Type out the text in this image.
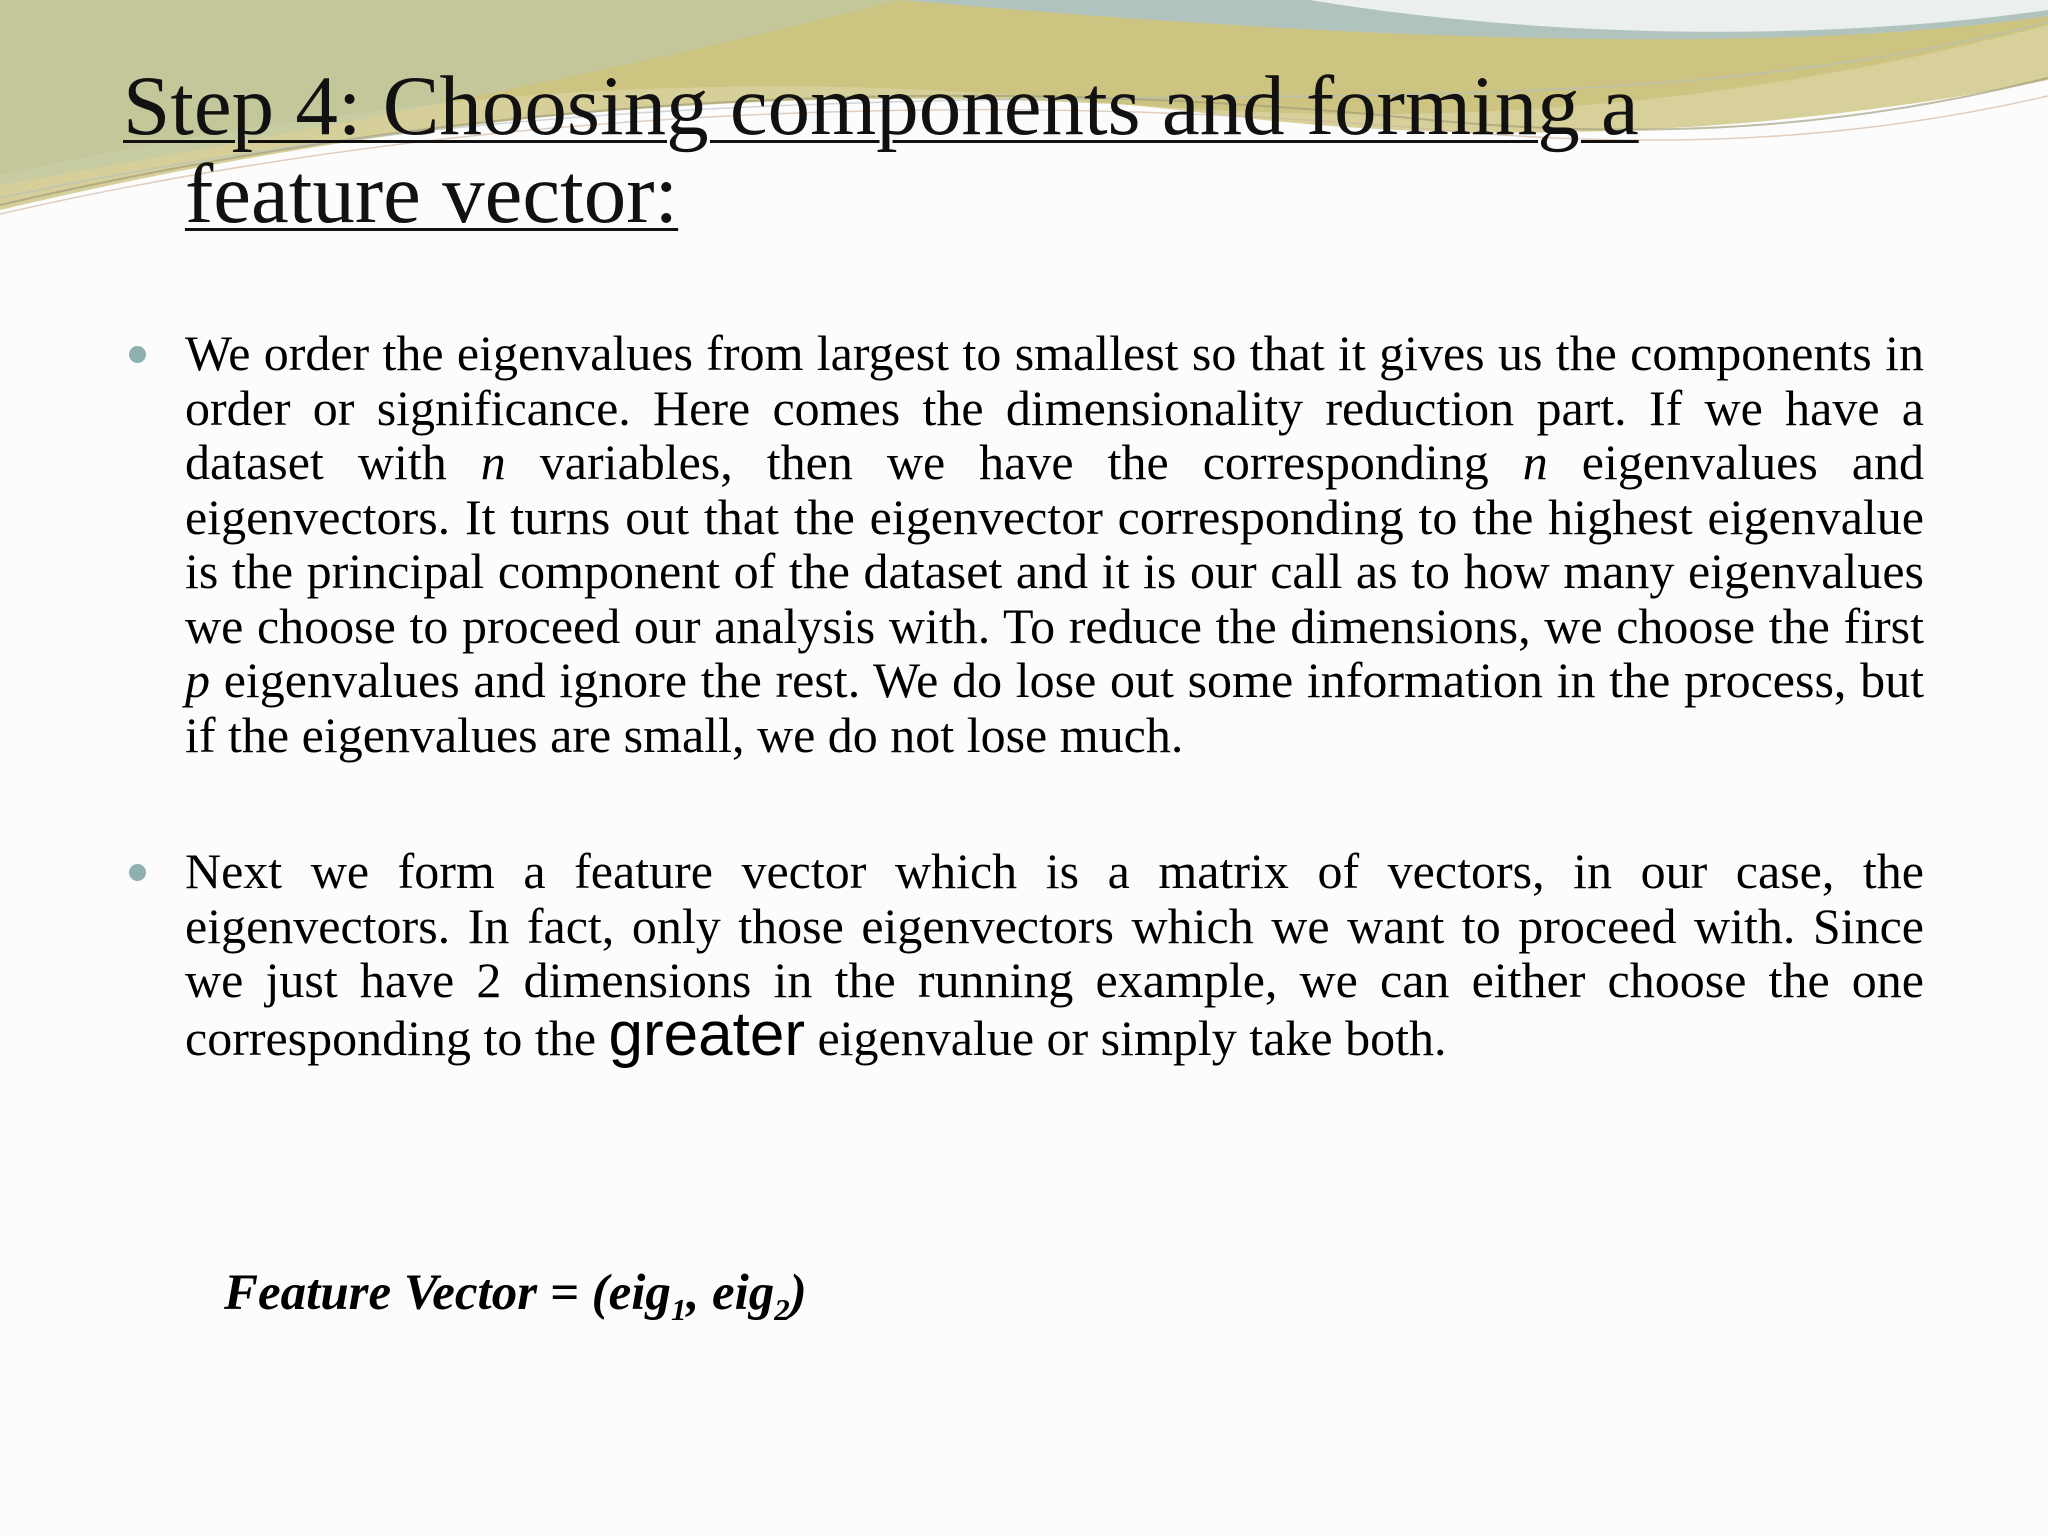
Step 4: Choosing components and forming a
feature vector:
We order the eigenvalues from largest to smallest so that it gives us the components in order or significance. Here comes the dimensionality reduction part. If we have a dataset with n variables, then we have the corresponding n eigenvalues and eigenvectors. It turns out that the eigenvector corresponding to the highest eigenvalue is the principal component of the dataset and it is our call as to how many eigenvalues we choose to proceed our analysis with. To reduce the dimensions, we choose the first p eigenvalues and ignore the rest. We do lose out some information in the process, but if the eigenvalues are small, we do not lose much.
Next we form a feature vector which is a matrix of vectors, in our case, the eigenvectors. In fact, only those eigenvectors which we want to proceed with. Since we just have 2 dimensions in the running example, we can either choose the one corresponding to the greater eigenvalue or simply take both.

Feature Vector = (eig$_1$, eig$_2$)
